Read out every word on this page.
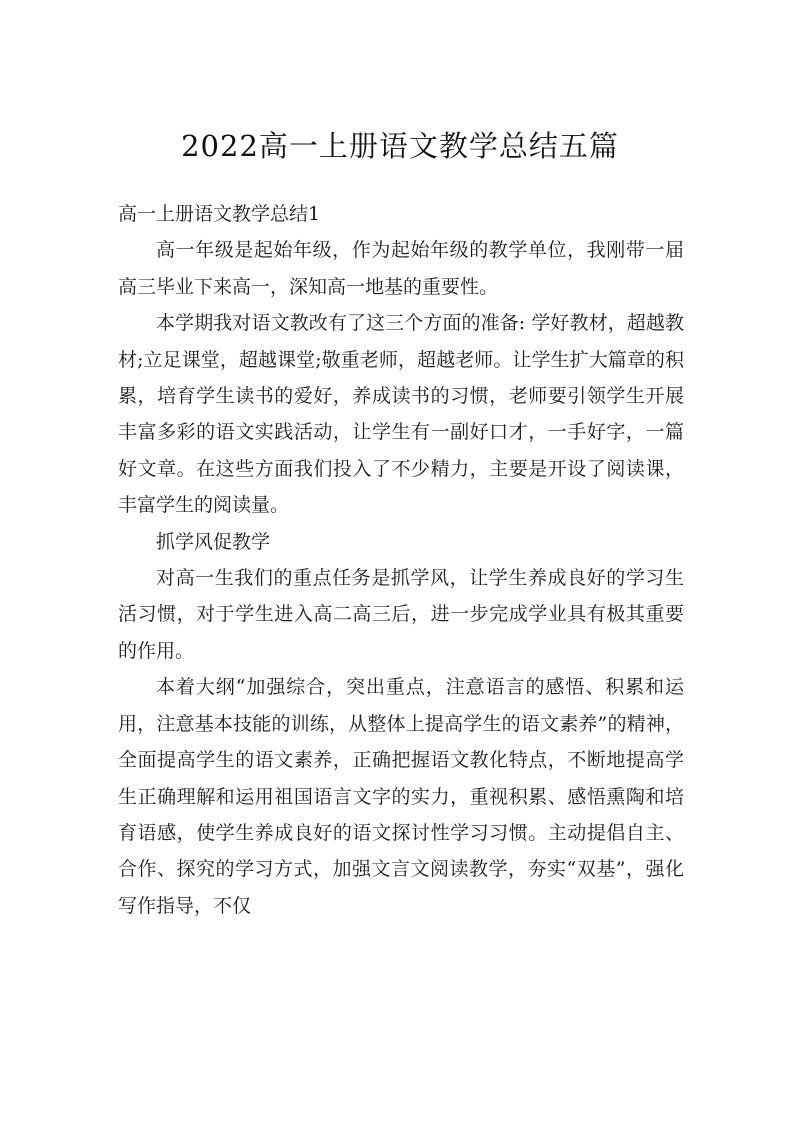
2022高一上册语文教学总结五篇

高一上册语文教学总结1

高一年级是起始年级，作为起始年级的教学单位，我刚带一届高三毕业下来高一，深知高一地基的重要性。

本学期我对语文教改有了这三个方面的准备: 学好教材，超越教材;立足课堂，超越课堂;敬重老师，超越老师。让学生扩大篇章的积累，培育学生读书的爱好，养成读书的习惯，老师要引领学生开展丰富多彩的语文实践活动，让学生有一副好口才，一手好字，一篇好文章。在这些方面我们投入了不少精力，主要是开设了阅读课，丰富学生的阅读量。

抓学风促教学

对高一生我们的重点任务是抓学风，让学生养成良好的学习生活习惯，对于学生进入高二高三后，进一步完成学业具有极其重要的作用。

本着大纲“加强综合，突出重点，注意语言的感悟、积累和运用，注意基本技能的训练，从整体上提高学生的语文素养”的精神，全面提高学生的语文素养，正确把握语文教化特点，不断地提高学生正确理解和运用祖国语言文字的实力，重视积累、感悟熏陶和培育语感，使学生养成良好的语文探讨性学习习惯。主动提倡自主、合作、探究的学习方式，加强文言文阅读教学，夯实“双基”，强化写作指导，不仅
